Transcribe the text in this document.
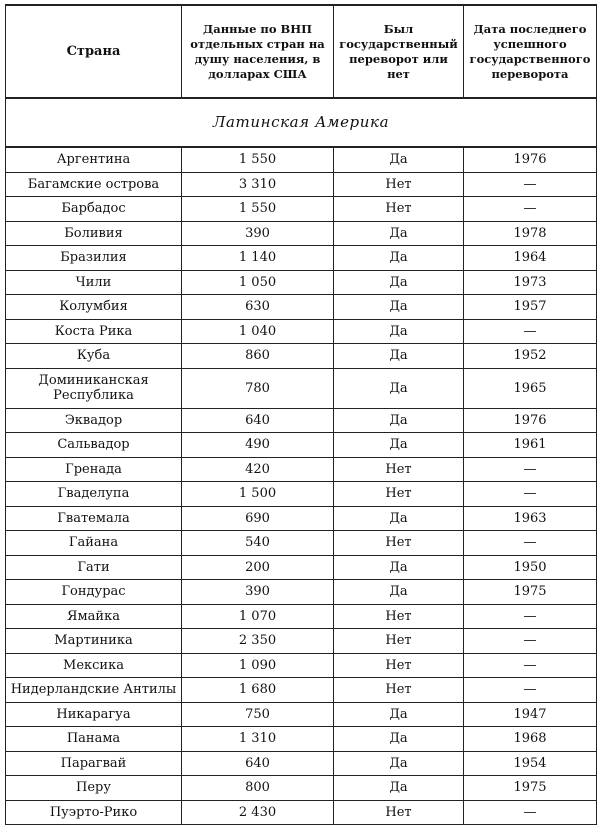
Страна	Данные по ВНП отдельных стран на душу населения, в долларах США	Был государственный переворот или нет	Дата последнего успешного государственного переворота
Латинская Америка			
Аргентина	1 550	Да	1976
Багамские острова	3 310	Нет	—
Барбадос	1 550	Нет	—
Боливия	390	Да	1978
Бразилия	1 140	Да	1964
Чили	1 050	Да	1973
Колумбия	630	Да	1957
Коста Рика	1 040	Да	—
Куба	860	Да	1952
Доминиканская Республика	780	Да	1965
Эквадор	640	Да	1976
Сальвадор	490	Да	1961
Гренада	420	Нет	—
Гваделупа	1 500	Нет	—
Гватемала	690	Да	1963
Гайана	540	Нет	—
Гати	200	Да	1950
Гондурас	390	Да	1975
Ямайка	1 070	Нет	—
Мартиника	2 350	Нет	—
Мексика	1 090	Нет	—
Нидерландские Антилы	1 680	Нет	—
Никарагуа	750	Да	1947
Панама	1 310	Да	1968
Парагвай	640	Да	1954
Перу	800	Да	1975
Пуэрто-Рико	2 430	Нет	—
